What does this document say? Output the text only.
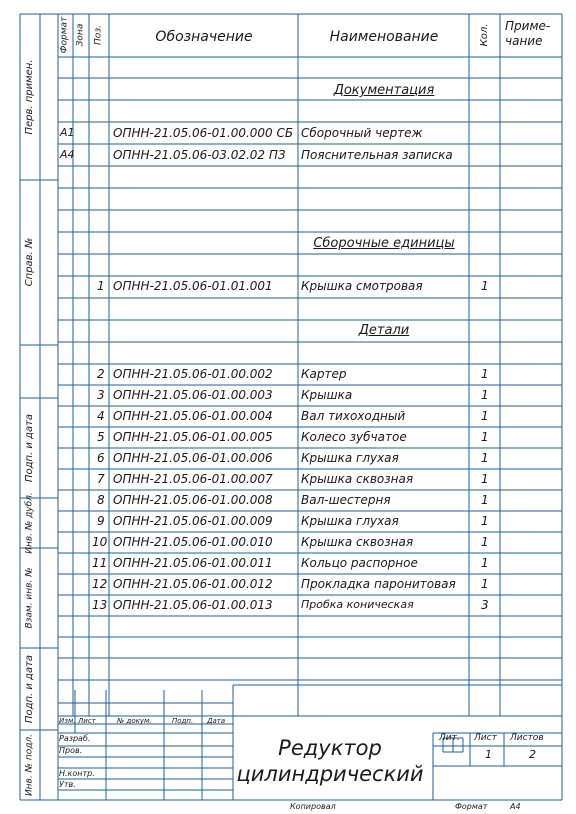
Перв. примен.
Справ. №
Подп. и дата
Инв. № дубл.
Взам. инв. №
Подп. и дата
Инв. № подл.
Формат Зона Поз.	Обозначение	Наименование	Кол. Приме-
чание
Документация
Сборочные единицы
Детали
А1	ОПНН-21.05.06-01.00.000 СБ Сборочный чертеж
А4	ОПНН-21.05.06-03.02.02 ПЗ Пояснительная записка
1 ОПНН-21.05.06-01.01.001 Крышка смотровая	1
2 ОПНН-21.05.06-01.00.002 Картер	1
3 ОПНН-21.05.06-01.00.003 Крышка	1
4 ОПНН-21.05.06-01.00.004 Вал тихоходный	1
5 ОПНН-21.05.06-01.00.005 Колесо зубчатое	1
6 ОПНН-21.05.06-01.00.006 Крышка глухая	1
7 ОПНН-21.05.06-01.00.007 Крышка сквозная	1
8 ОПНН-21.05.06-01.00.008 Вал-шестерня	1
9 ОПНН-21.05.06-01.00.009 Крышка глухая	1
10 ОПНН-21.05.06-01.00.010 Крышка сквозная	1
11 ОПНН-21.05.06-01.00.011 Кольцо распорное	1
12 ОПНН-21.05.06-01.00.012 Прокладка паронитовая 1
13 ОПНН-21.05.06-01.00.013	Пробка коническая	3
Изм. Лист	№ докум.	Подп. Дата
Разраб.
Пров.
Н.контр.
Утв.
Редуктор
цилиндрический
Лит. Лист Листов
1	2
Копировал	Формат	А4
